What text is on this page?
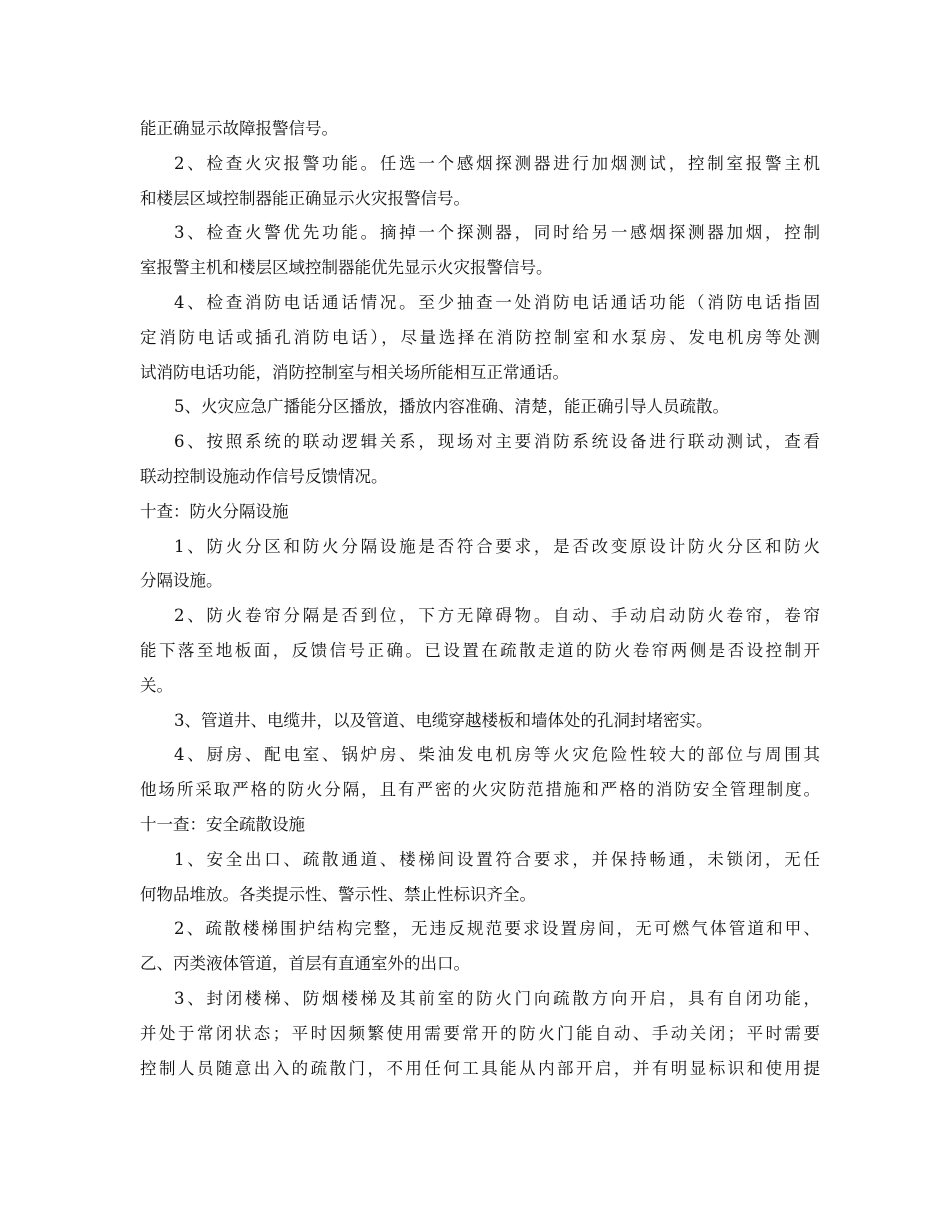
能正确显示故障报警信号。
2、检查火灾报警功能。任选一个感烟探测器进行加烟测试，控制室报警主机
和楼层区域控制器能正确显示火灾报警信号。
3、检查火警优先功能。摘掉一个探测器，同时给另一感烟探测器加烟，控制
室报警主机和楼层区域控制器能优先显示火灾报警信号。
4、检查消防电话通话情况。至少抽查一处消防电话通话功能（消防电话指固
定消防电话或插孔消防电话），尽量选择在消防控制室和水泵房、发电机房等处测
试消防电话功能，消防控制室与相关场所能相互正常通话。
5、火灾应急广播能分区播放，播放内容准确、清楚，能正确引导人员疏散。
6、按照系统的联动逻辑关系，现场对主要消防系统设备进行联动测试，查看
联动控制设施动作信号反馈情况。
十查：防火分隔设施
1、防火分区和防火分隔设施是否符合要求，是否改变原设计防火分区和防火
分隔设施。
2、防火卷帘分隔是否到位，下方无障碍物。自动、手动启动防火卷帘，卷帘
能下落至地板面，反馈信号正确。已设置在疏散走道的防火卷帘两侧是否设控制开
关。
3、管道井、电缆井，以及管道、电缆穿越楼板和墙体处的孔洞封堵密实。
4、厨房、配电室、锅炉房、柴油发电机房等火灾危险性较大的部位与周围其
他场所采取严格的防火分隔，且有严密的火灾防范措施和严格的消防安全管理制度。
十一查：安全疏散设施
1、安全出口、疏散通道、楼梯间设置符合要求，并保持畅通，未锁闭，无任
何物品堆放。各类提示性、警示性、禁止性标识齐全。
2、疏散楼梯围护结构完整，无违反规范要求设置房间，无可燃气体管道和甲、
乙、丙类液体管道，首层有直通室外的出口。
3、封闭楼梯、防烟楼梯及其前室的防火门向疏散方向开启，具有自闭功能，
并处于常闭状态；平时因频繁使用需要常开的防火门能自动、手动关闭；平时需要
控制人员随意出入的疏散门，不用任何工具能从内部开启，并有明显标识和使用提
